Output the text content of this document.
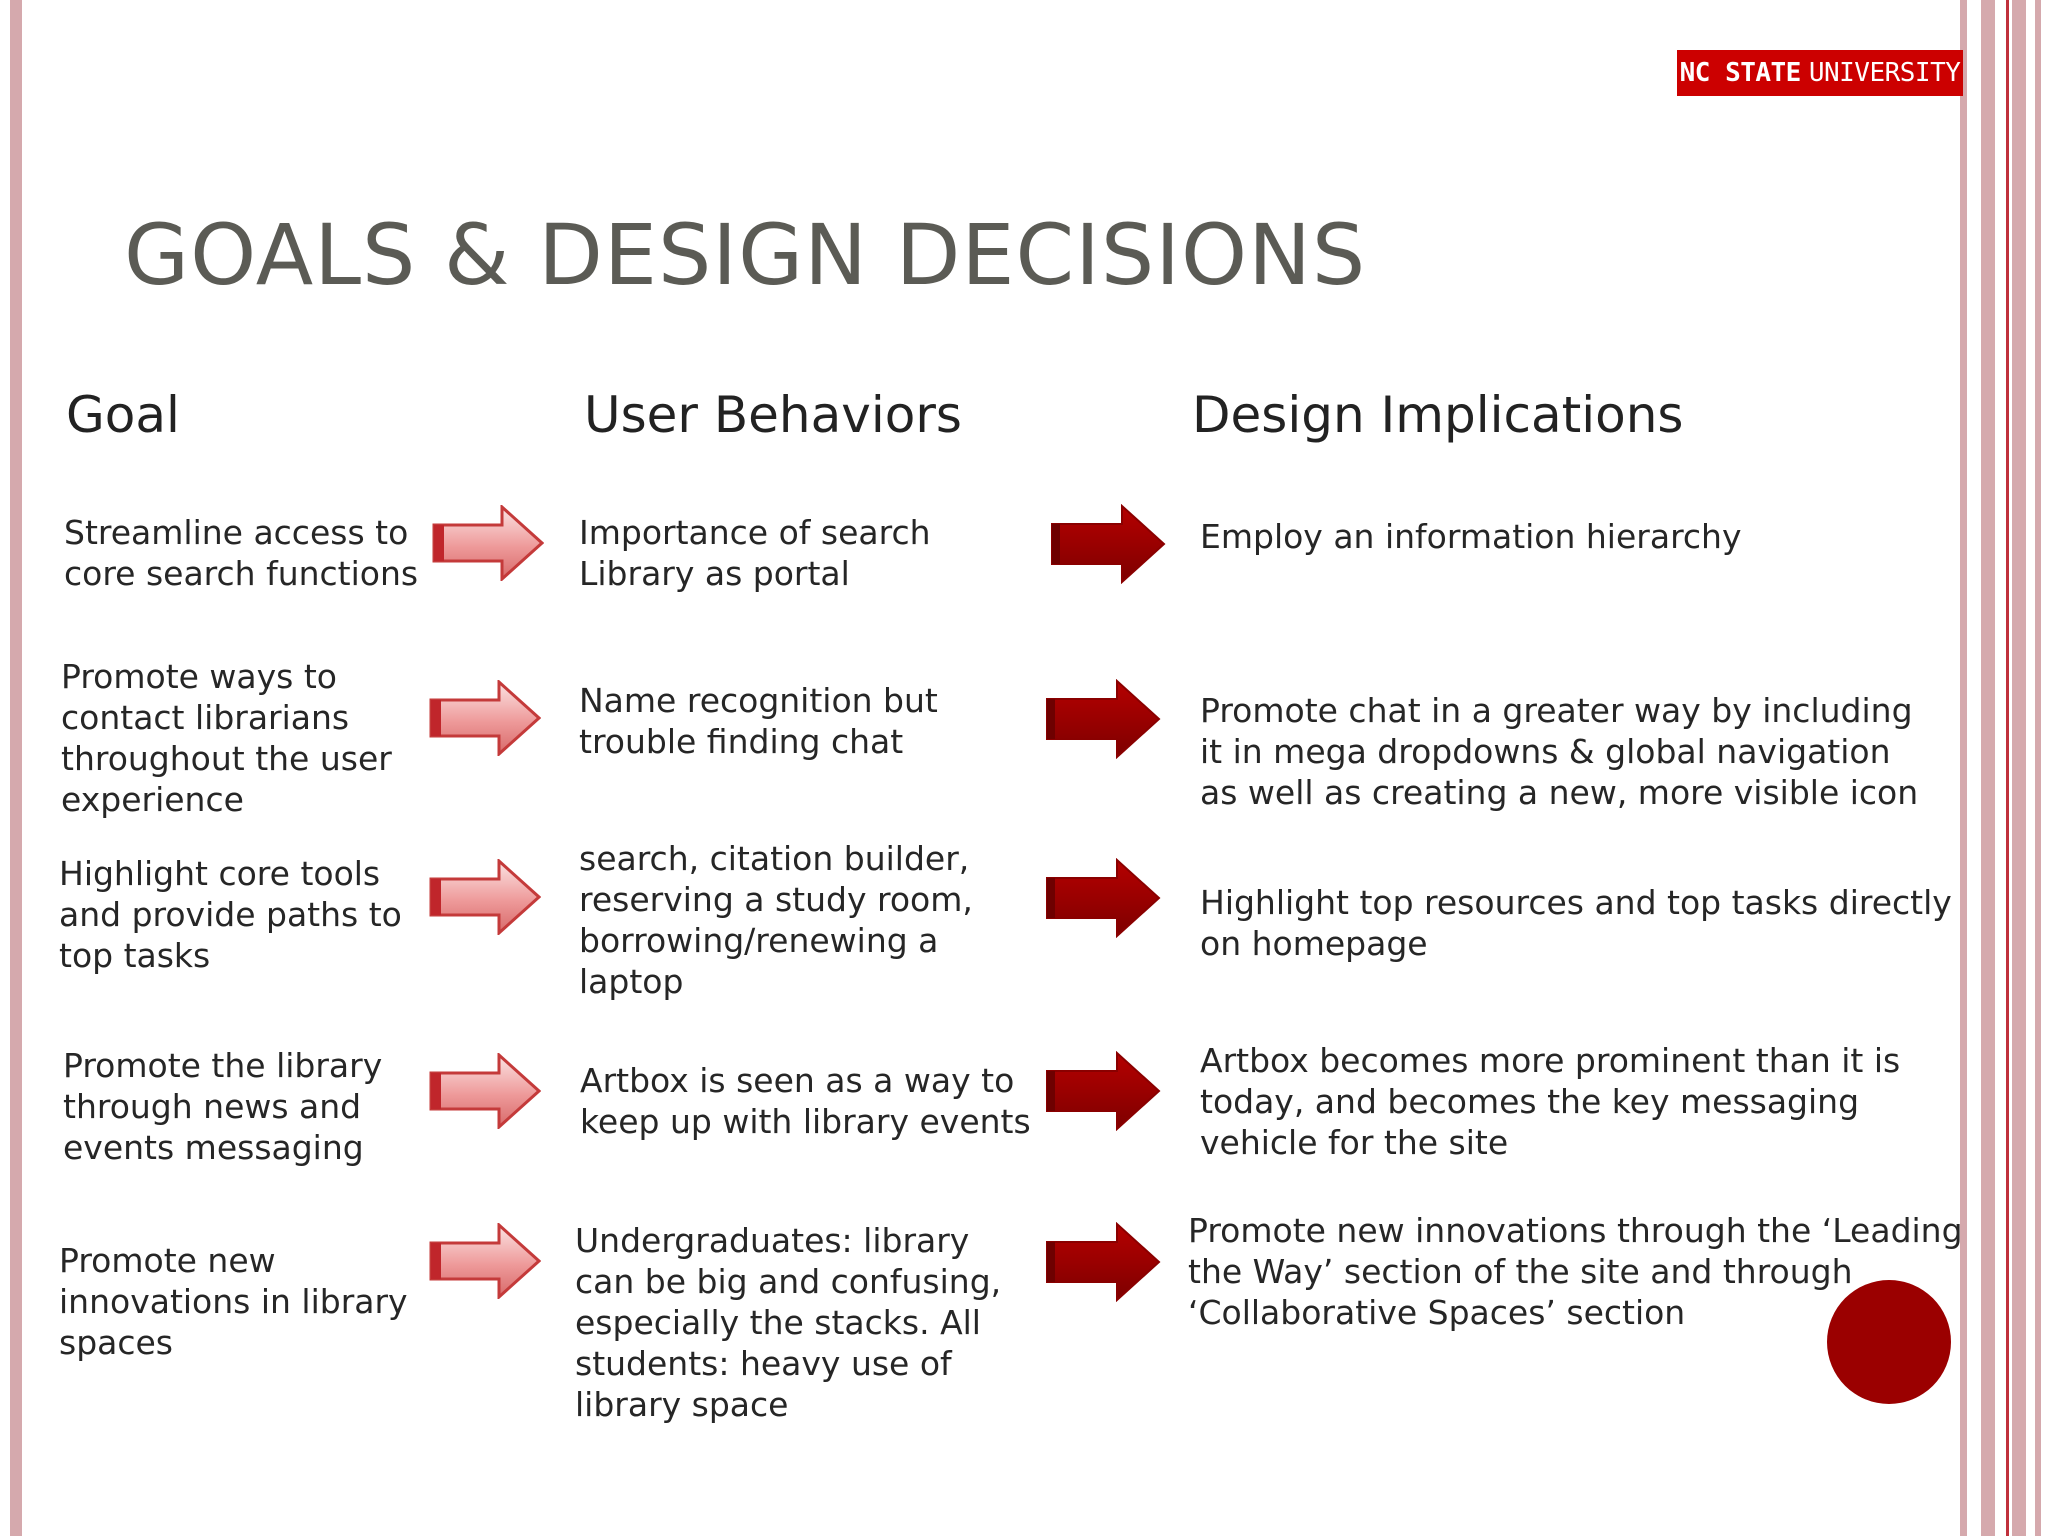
NC STATE UNIVERSITY
GOALS & DESIGN DECISIONS
Goal	User Behaviors	Design Implications
Streamline access to
core search functions
Importance of search
Library as portal
Employ an information hierarchy
Promote ways to
contact librarians
throughout the user
experience
Name recognition but
trouble finding chat
Promote chat in a greater way by including
it in mega dropdowns & global navigation
as well as creating a new, more visible icon
Highlight core tools
and provide paths to
top tasks
search, citation builder,
reserving a study room,
borrowing/renewing a
laptop
Highlight top resources and top tasks directly
on homepage
Promote the library
through news and
events messaging
Artbox is seen as a way to
keep up with library events
Artbox becomes more prominent than it is
today, and becomes the key messaging
vehicle for the site
Promote new
innovations in library
spaces
Undergraduates: library
can be big and confusing,
especially the stacks. All
students: heavy use of
library space
Promote new innovations through the ‘Leading
the Way’ section of the site and through
‘Collaborative Spaces’ section
